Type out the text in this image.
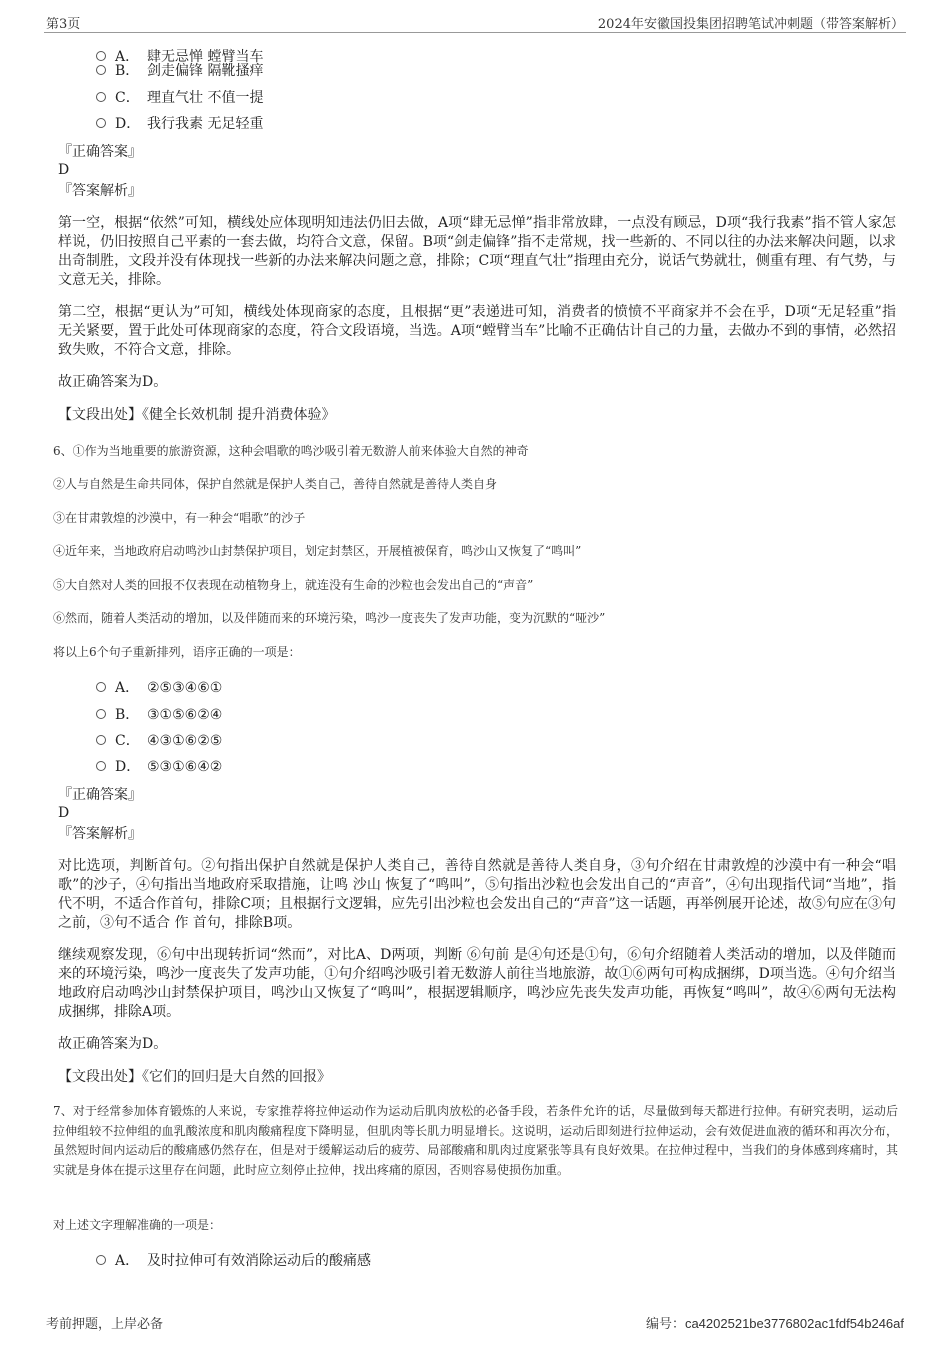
第3页	2024年安徽国投集团招聘笔试冲刺题（带答案解析）
A． 肆无忌惮 螳臂当车
B． 剑走偏锋 隔靴搔痒
C． 理直气壮 不值一提
D． 我行我素 无足轻重
『正确答案』
D
『答案解析』
第一空，根据“依然”可知，横线处应体现明知违法仍旧去做，A项“肆无忌惮”指非常放肆，一点没有顾忌，D项“我行我素”指不管人家怎样说，仍旧按照自己平素的一套去做，均符合文意，保留。B项“剑走偏锋”指不走常规，找一些新的、不同以往的办法来解决问题，以求出奇制胜，文段并没有体现找一些新的办法来解决问题之意，排除；C项“理直气壮”指理由充分，说话气势就壮，侧重有理、有气势，与文意无关，排除。
第二空，根据“更认为”可知，横线处体现商家的态度，且根据“更”表递进可知，消费者的愤愤不平商家并不会在乎，D项“无足轻重”指无关紧要，置于此处可体现商家的态度，符合文段语境，当选。A项“螳臂当车”比喻不正确估计自己的力量，去做办不到的事情，必然招致失败，不符合文意，排除。
故正确答案为D。
【文段出处】《健全长效机制 提升消费体验》
6、①作为当地重要的旅游资源，这种会唱歌的鸣沙吸引着无数游人前来体验大自然的神奇
②人与自然是生命共同体，保护自然就是保护人类自己，善待自然就是善待人类自身
③在甘肃敦煌的沙漠中，有一种会“唱歌”的沙子
④近年来，当地政府启动鸣沙山封禁保护项目，划定封禁区，开展植被保育，鸣沙山又恢复了“鸣叫”
⑤大自然对人类的回报不仅表现在动植物身上，就连没有生命的沙粒也会发出自己的“声音”
⑥然而，随着人类活动的增加，以及伴随而来的环境污染，鸣沙一度丧失了发声功能，变为沉默的“哑沙”
将以上6个句子重新排列，语序正确的一项是：
A． ②⑤③④⑥①
B． ③①⑤⑥②④
C． ④③①⑥②⑤
D． ⑤③①⑥④②
『正确答案』
D
『答案解析』
对比选项，判断首句。②句指出保护自然就是保护人类自己，善待自然就是善待人类自身，③句介绍在甘肃敦煌的沙漠中有一种会“唱歌”的沙子，④句指出当地政府采取措施，让鸣 沙山 恢复了“鸣叫”，⑤句指出沙粒也会发出自己的“声音”，④句出现指代词“当地”，指代不明，不适合作首句，排除C项；且根据行文逻辑，应先引出沙粒也会发出自己的“声音”这一话题，再举例展开论述，故⑤句应在③句之前，③句不适合 作 首句，排除B项。
继续观察发现，⑥句中出现转折词“然而”，对比A、D两项，判断 ⑥句前 是④句还是①句，⑥句介绍随着人类活动的增加，以及伴随而来的环境污染，鸣沙一度丧失了发声功能，①句介绍鸣沙吸引着无数游人前往当地旅游，故①⑥两句可构成捆绑，D项当选。④句介绍当地政府启动鸣沙山封禁保护项目，鸣沙山又恢复了“鸣叫”，根据逻辑顺序，鸣沙应先丧失发声功能，再恢复“鸣叫”，故④⑥两句无法构成捆绑，排除A项。
故正确答案为D。
【文段出处】《它们的回归是大自然的回报》
7、对于经常参加体育锻炼的人来说，专家推荐将拉伸运动作为运动后肌肉放松的必备手段，若条件允许的话，尽量做到每天都进行拉伸。有研究表明，运动后拉伸组较不拉伸组的血乳酸浓度和肌肉酸痛程度下降明显，但肌肉等长肌力明显增长。这说明，运动后即刻进行拉伸运动，会有效促进血液的循环和再次分布，虽然短时间内运动后的酸痛感仍然存在，但是对于缓解运动后的疲劳、局部酸痛和肌肉过度紧张等具有良好效果。在拉伸过程中，当我们的身体感到疼痛时，其实就是身体在提示这里存在问题，此时应立刻停止拉伸，找出疼痛的原因，否则容易使损伤加重。
对上述文字理解准确的一项是：
A． 及时拉伸可有效消除运动后的酸痛感
考前押题，上岸必备	编号：ca4202521be3776802ac1fdf54b246af
